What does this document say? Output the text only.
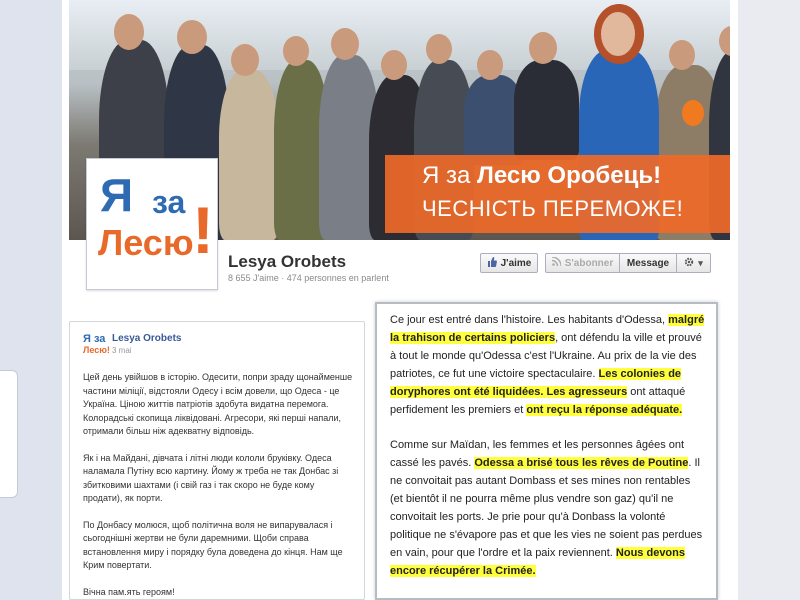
Я за Лесю Оробець!
ЧЕСНІСТЬ ПЕРЕМОЖЕ!
Я за
Лесю
! Lesya Orobets
8 655 J'aime · 474 personnes en parlent
J'aime	S'abonner Message	▾
Я за
Лесю!
Lesya Orobets
3 mai

Цей день увійшов в історію. Одесити, попри зраду щонайменше частини міліції, відстояли Одесу і всім довели, що Одеса - це Україна. Ціною життів патріотів здобута видатна перемога. Колорадські скопища ліквідовані. Агресори, які перші напали, отримали більш ніж адекватну відповідь.

Як і на Майдані, дівчата і літні люди кололи бруківку. Одеса наламала Путіну всю картину. Йому ж треба не так Донбас зі збитковими шахтами (і свій газ і так скоро не буде кому продати), як порти.

По Донбасу молюся, щоб політична воля не випарувалася і сьогоднішні жертви не були даремними. Щоби справа встановлення миру і порядку була доведена до кінця. Нам ще Крим повертати.

Вічна пам.ять героям!

Ce jour est entré dans l'histoire. Les habitants d'Odessa, malgré la trahison de certains policiers, ont défendu la ville et prouvé à tout le monde qu'Odessa c'est l'Ukraine. Au prix de la vie des patriotes, ce fut une victoire spectaculaire. Les colonies de doryphores ont été liquidées. Les agresseurs ont attaqué perfidement les premiers et ont reçu la réponse adéquate.

Comme sur Maïdan, les femmes et les personnes âgées ont cassé les pavés. Odessa a brisé tous les rêves de Poutine. Il ne convoitait pas autant Dombass et ses mines non rentables (et bientôt il ne pourra même plus vendre son gaz) qu'il ne convoitait les ports. Je prie pour qu'à Donbass la volonté politique ne s'évapore pas et que les vies ne soient pas perdues en vain, pour que l'ordre et la paix reviennent. Nous devons encore récupérer la Crimée.
